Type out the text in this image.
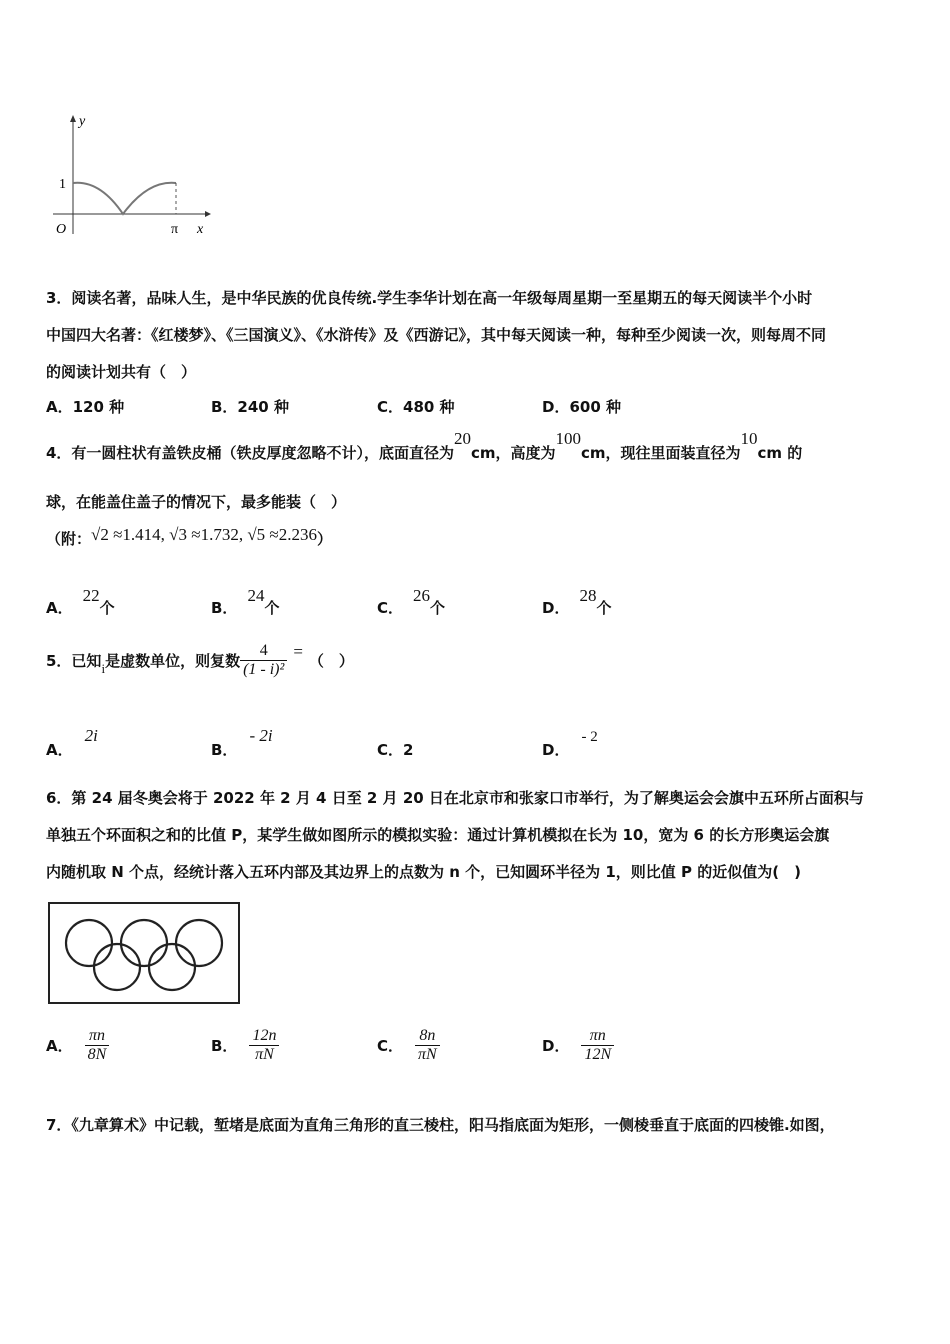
y
1
O	π x
3．阅读名著，品味人生，是中华民族的优良传统.学生李华计划在高一年级每周星期一至星期五的每天阅读半个小时
中国四大名著：《红楼梦》、《三国演义》、《水浒传》及《西游记》，其中每天阅读一种，每种至少阅读一次，则每周不同
的阅读计划共有（　）
A．120 种	B．240 种	C．480 种	D．600 种
4．有一圆柱状有盖铁皮桶（铁皮厚度忽略不计），底面直径为20cm，高度为100cm，现往里面装直径为10cm 的
球，在能盖住盖子的情况下，最多能装（　）
（附：√2 ≈1.414, √3 ≈1.732, √5 ≈2.236）
A．22个	B．24个	C．26个	D．28个
5．已知i是虚数单位，则复数 $\frac{4}{\text{(1 - i)²}}$ = （　）
A．2i
B．- 2i
C．2	D．- 2
6．第 24 届冬奥会将于 2022 年 2 月 4 日至 2 月 20 日在北京市和张家口市举行，为了解奥运会会旗中五环所占面积与
单独五个环面积之和的比值 P，某学生做如图所示的模拟实验：通过计算机模拟在长为 10，宽为 6 的长方形奥运会旗
内随机取 N 个点，经统计落入五环内部及其边界上的点数为 n 个，已知圆环半径为 1，则比值 P 的近似值为(　)
A． $\frac{\pi n}{8N}$	B． $\frac{12n}{\pi N}$	C． $\frac{8n}{\pi N}$	D． $\frac{\pi n}{12N}$
7．《九章算术》中记载，堑堵是底面为直角三角形的直三棱柱，阳马指底面为矩形，一侧棱垂直于底面的四棱锥.如图，
